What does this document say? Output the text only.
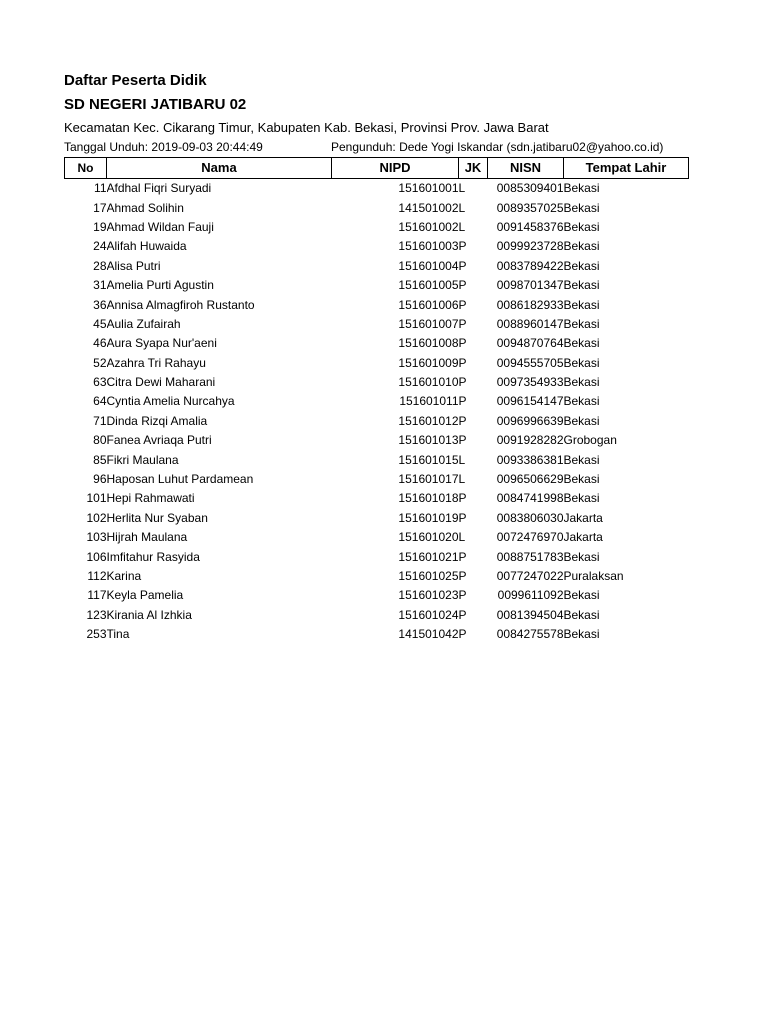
Daftar Peserta Didik
SD NEGERI JATIBARU 02
Kecamatan Kec. Cikarang Timur, Kabupaten Kab. Bekasi, Provinsi Prov. Jawa Barat
Tanggal Unduh: 2019-09-03 20:44:49	Pengunduh: Dede Yogi Iskandar (sdn.jatibaru02@yahoo.co.id)
No	Nama	NIPD	JK	NISN	Tempat Lahir
11	Afdhal Fiqri Suryadi	151601001	L	0085309401	Bekasi
17	Ahmad Solihin	141501002	L	0089357025	Bekasi
19	Ahmad Wildan Fauji	151601002	L	0091458376	Bekasi
24	Alifah Huwaida	151601003	P	0099923728	Bekasi
28	Alisa Putri	151601004	P	0083789422	Bekasi
31	Amelia Purti Agustin	151601005	P	0098701347	Bekasi
36	Annisa Almagfiroh Rustanto	151601006	P	0086182933	Bekasi
45	Aulia Zufairah	151601007	P	0088960147	Bekasi
46	Aura Syapa Nur'aeni	151601008	P	0094870764	Bekasi
52	Azahra Tri Rahayu	151601009	P	0094555705	Bekasi
63	Citra Dewi Maharani	151601010	P	0097354933	Bekasi
64	Cyntia Amelia Nurcahya	151601011	P	0096154147	Bekasi
71	Dinda Rizqi Amalia	151601012	P	0096996639	Bekasi
80	Fanea Avriaqa Putri	151601013	P	0091928282	Grobogan
85	Fikri Maulana	151601015	L	0093386381	Bekasi
96	Haposan Luhut Pardamean	151601017	L	0096506629	Bekasi
101	Hepi Rahmawati	151601018	P	0084741998	Bekasi
102	Herlita Nur Syaban	151601019	P	0083806030	Jakarta
103	Hijrah Maulana	151601020	L	0072476970	Jakarta
106	Imfitahur Rasyida	151601021	P	0088751783	Bekasi
112	Karina	151601025	P	0077247022	Puralaksan
117	Keyla Pamelia	151601023	P	0099611092	Bekasi
123	Kirania Al Izhkia	151601024	P	0081394504	Bekasi
253	Tina	141501042	P	0084275578	Bekasi
